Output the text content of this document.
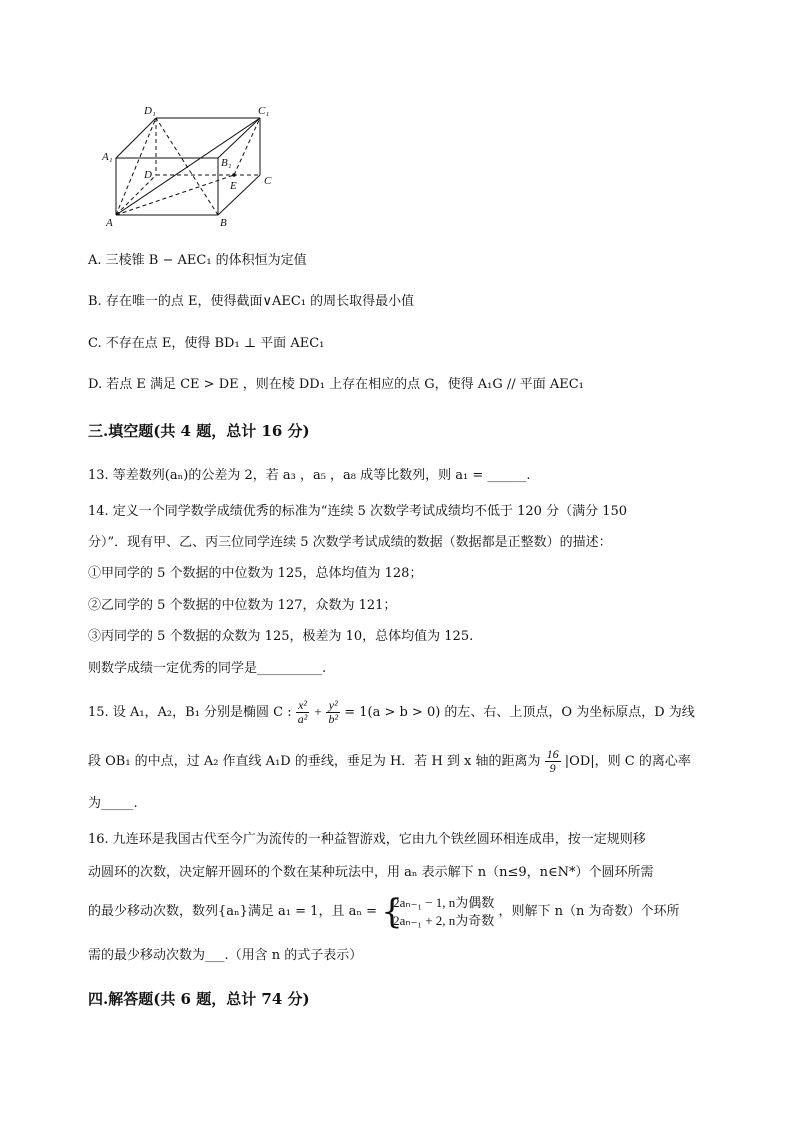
D₁	C₁
A₁	B₁
D
E C
A	B
A. 三棱锥 B − AEC₁ 的体积恒为定值
B. 存在唯一的点 E，使得截面∨AEC₁ 的周长取得最小值
C. 不存在点 E，使得 BD₁ ⊥ 平面 AEC₁
D. 若点 E 满足 CE > DE ，则在棱 DD₁ 上存在相应的点 G，使得 A₁G // 平面 AEC₁
三.填空题(共 4 题，总计 16 分)
13. 等差数列(aₙ)的公差为 2，若 a₃ ，a₅ ，a₈ 成等比数列，则 a₁ = ______.
14. 定义一个同学数学成绩优秀的标准为“连续 5 次数学考试成绩均不低于 120 分（满分 150
分）”．现有甲、乙、丙三位同学连续 5 次数学考试成绩的数据（数据都是正整数）的描述：
①甲同学的 5 个数据的中位数为 125，总体均值为 128；
②乙同学的 5 个数据的中位数为 127，众数为 121；
③丙同学的 5 个数据的众数为 125，极差为 10，总体均值为 125.
则数学成绩一定优秀的同学是__________.
15. 设 A₁，A₂，B₁ 分别是椭圆 C : $\frac{\text{x²}}{\text{a²}} + \frac{\text{y²}}{\text{b²}} = 1(a > b > 0)$ 的左、右、上顶点，O 为坐标原点，D 为线
段 OB₁ 的中点，过 A₂ 作直线 A₁D 的垂线，垂足为 H．若 H 到 x 轴的距离为 $\frac{16}{9} |OD|$，则 C 的离心率
为_____.
16. 九连环是我国古代至今广为流传的一种益智游戏，它由九个铁丝圆环相连成串，按一定规则移
动圆环的次数，决定解开圆环的个数在某种玩法中，用 aₙ 表示解下 n（n≤9，n∈N*）个圆环所需
的最少移动次数，数列{aₙ}满足 a₁ = 1，且 aₙ = {
2aₙ₋₁ − 1, n为偶数
2aₙ₋₁ + 2, n为奇数
，则解下 n（n 为奇数）个环所
需的最少移动次数为___.（用含 n 的式子表示）
四.解答题(共 6 题，总计 74 分)
